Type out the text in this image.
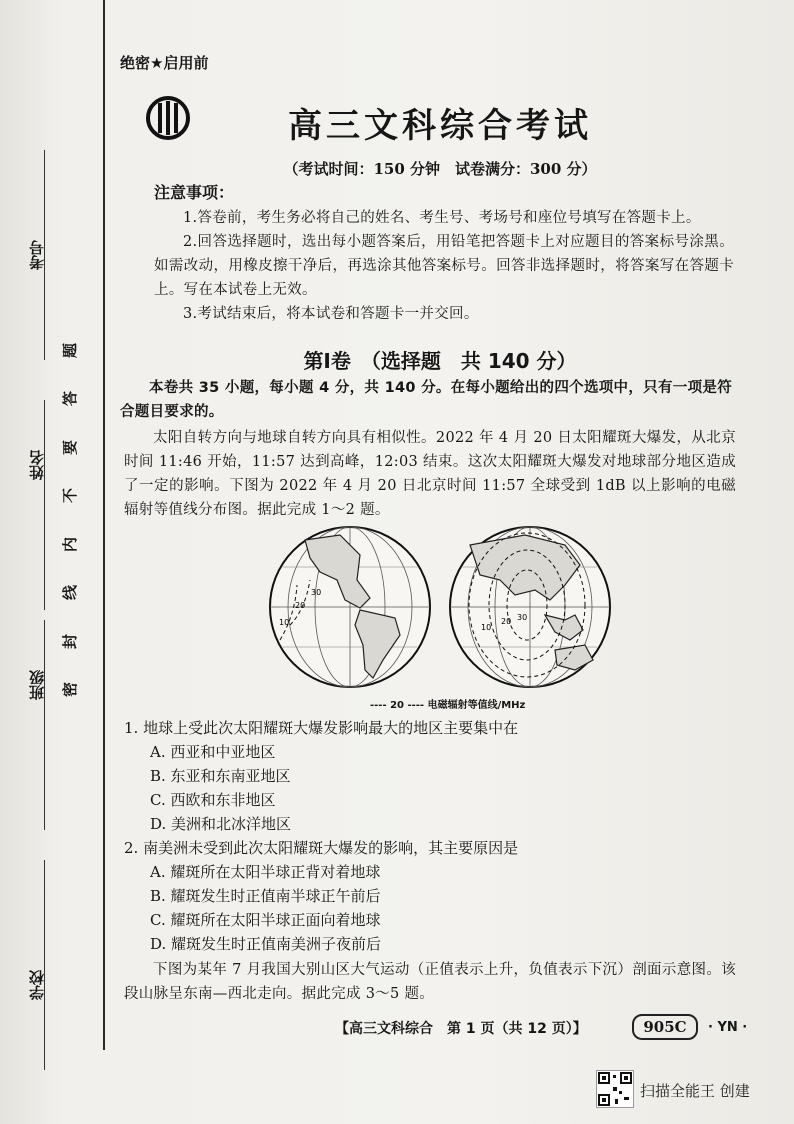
考号
姓名
班级
学校
题
答
要
不
内
线
封
密
绝密★启用前
高三文科综合考试
（考试时间：150 分钟　试卷满分：300 分）
注意事项：
1.答卷前，考生务必将自己的姓名、考生号、考场号和座位号填写在答题卡上。
2.回答选择题时，选出每小题答案后，用铅笔把答题卡上对应题目的答案标号涂黑。如需改动，用橡皮擦干净后，再选涂其他答案标号。回答非选择题时，将答案写在答题卡上。写在本试卷上无效。
3.考试结束后，将本试卷和答题卡一并交回。
第Ⅰ卷　（选择题　共 140 分）
本卷共 35 小题，每小题 4 分，共 140 分。在每小题给出的四个选项中，只有一项是符合题目要求的。
太阳自转方向与地球自转方向具有相似性。2022 年 4 月 20 日太阳耀斑大爆发，从北京时间 11:46 开始，11:57 达到高峰，12:03 结束。这次太阳耀斑大爆发对地球部分地区造成了一定的影响。下图为 2022 年 4 月 20 日北京时间 11:57 全球受到 1dB 以上影响的电磁辐射等值线分布图。据此完成 1～2 题。
10
20
10
20 30
30
---- 20 ---- 电磁辐射等值线/MHz
1. 地球上受此次太阳耀斑大爆发影响最大的地区主要集中在
A. 西亚和中亚地区
B. 东亚和东南亚地区
C. 西欧和东非地区
D. 美洲和北冰洋地区
2. 南美洲未受到此次太阳耀斑大爆发的影响，其主要原因是
A. 耀斑所在太阳半球正背对着地球
B. 耀斑发生时正值南半球正午前后
C. 耀斑所在太阳半球正面向着地球
D. 耀斑发生时正值南美洲子夜前后
下图为某年 7 月我国大别山区大气运动（正值表示上升，负值表示下沉）剖面示意图。该段山脉呈东南—西北走向。据此完成 3～5 题。
【高三文科综合　第 1 页（共 12 页）】	905C	· YN ·
扫描全能王 创建
